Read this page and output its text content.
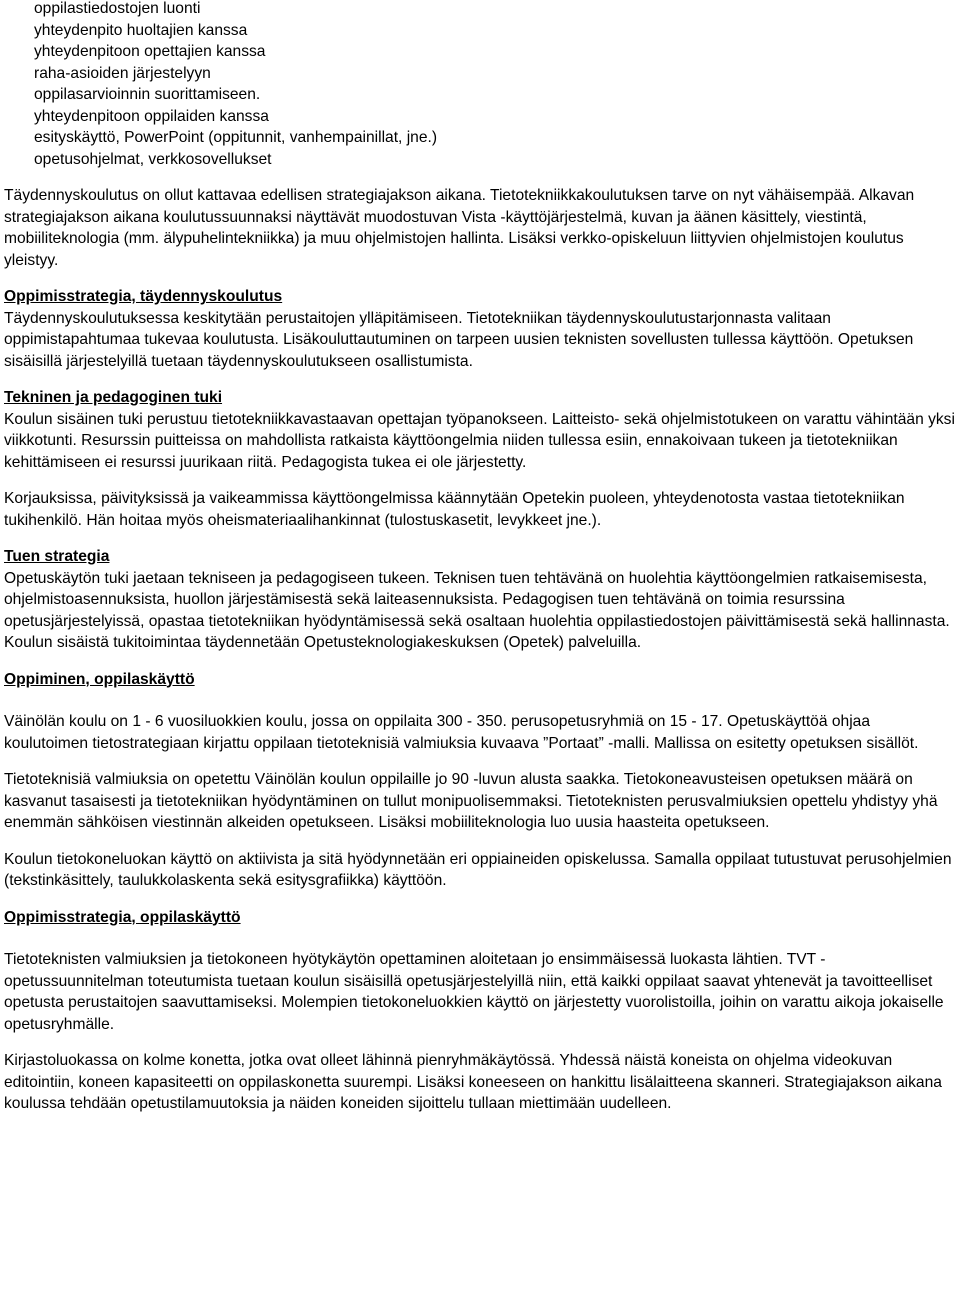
oppilastiedostojen luonti
yhteydenpito huoltajien kanssa
yhteydenpitoon opettajien kanssa
raha-asioiden järjestelyyn
oppilasarvioinnin suorittamiseen.
yhteydenpitoon oppilaiden kanssa
esityskäyttö, PowerPoint (oppitunnit, vanhempainillat, jne.)
opetusohjelmat, verkkosovellukset

Täydennyskoulutus on ollut kattavaa edellisen strategiajakson aikana. Tietotekniikkakoulutuksen tarve on nyt vähäisempää. Alkavan strategiajakson aikana koulutussuunnaksi näyttävät muodostuvan Vista -käyttöjärjestelmä, kuvan ja äänen käsittely, viestintä, mobiiliteknologia (mm. älypuhelintekniikka) ja muu ohjelmistojen hallinta. Lisäksi verkko-opiskeluun liittyvien ohjelmistojen koulutus yleistyy.

Oppimisstrategia, täydennyskoulutus

Täydennyskoulutuksessa keskitytään perustaitojen ylläpitämiseen. Tietotekniikan täydennyskoulutustarjonnasta valitaan oppimistapahtumaa tukevaa koulutusta. Lisäkouluttautuminen on tarpeen uusien teknisten sovellusten tullessa käyttöön. Opetuksen sisäisillä järjestelyillä tuetaan täydennyskoulutukseen osallistumista.

Tekninen ja pedagoginen tuki

Koulun sisäinen tuki perustuu tietotekniikkavastaavan opettajan työpanokseen. Laitteisto- sekä ohjelmistotukeen on varattu vähintään yksi viikkotunti. Resurssin puitteissa on mahdollista ratkaista käyttöongelmia niiden tullessa esiin, ennakoivaan tukeen ja tietotekniikan kehittämiseen ei resurssi juurikaan riitä. Pedagogista tukea ei ole järjestetty.

Korjauksissa, päivityksissä ja vaikeammissa käyttöongelmissa käännytään Opetekin puoleen, yhteydenotosta vastaa tietotekniikan tukihenkilö. Hän hoitaa myös oheismateriaalihankinnat (tulostuskasetit, levykkeet jne.).

Tuen strategia

Opetuskäytön tuki jaetaan tekniseen ja pedagogiseen tukeen. Teknisen tuen tehtävänä on huolehtia käyttöongelmien ratkaisemisesta, ohjelmistoasennuksista, huollon järjestämisestä sekä laiteasennuksista. Pedagogisen tuen tehtävänä on toimia resurssina opetusjärjestelyissä, opastaa tietotekniikan hyödyntämisessä sekä osaltaan huolehtia oppilastiedostojen päivittämisestä sekä hallinnasta. Koulun sisäistä tukitoimintaa täydennetään Opetusteknologiakeskuksen (Opetek) palveluilla.

Oppiminen, oppilaskäyttö

Väinölän koulu on 1 - 6 vuosiluokkien koulu, jossa on oppilaita 300 - 350. perusopetusryhmiä on 15 - 17. Opetuskäyttöä ohjaa koulutoimen tietostrategiaan kirjattu oppilaan tietoteknisiä valmiuksia kuvaava ”Portaat” -malli. Mallissa on esitetty opetuksen sisällöt.

Tietoteknisiä valmiuksia on opetettu Väinölän koulun oppilaille jo 90 -luvun alusta saakka. Tietokoneavusteisen opetuksen määrä on kasvanut tasaisesti ja tietotekniikan hyödyntäminen on tullut monipuolisemmaksi. Tietoteknisten perusvalmiuksien opettelu yhdistyy yhä enemmän sähköisen viestinnän alkeiden opetukseen. Lisäksi mobiiliteknologia luo uusia haasteita opetukseen.

Koulun tietokoneluokan käyttö on aktiivista ja sitä hyödynnetään eri oppiaineiden opiskelussa. Samalla oppilaat tutustuvat perusohjelmien (tekstinkäsittely, taulukkolaskenta sekä esitysgrafiikka) käyttöön.

Oppimisstrategia, oppilaskäyttö

Tietoteknisten valmiuksien ja tietokoneen hyötykäytön opettaminen aloitetaan jo ensimmäisessä luokasta lähtien. TVT -opetussuunnitelman toteutumista tuetaan koulun sisäisillä opetusjärjestelyillä niin, että kaikki oppilaat saavat yhtenevät ja tavoitteelliset opetusta perustaitojen saavuttamiseksi. Molempien tietokoneluokkien käyttö on järjestetty vuorolistoilla, joihin on varattu aikoja jokaiselle opetusryhmälle.

Kirjastoluokassa on kolme konetta, jotka ovat olleet lähinnä pienryhmäkäytössä. Yhdessä näistä koneista on ohjelma videokuvan editointiin, koneen kapasiteetti on oppilaskonetta suurempi. Lisäksi koneeseen on hankittu lisälaitteena skanneri. Strategiajakson aikana koulussa tehdään opetustilamuutoksia ja näiden koneiden sijoittelu tullaan miettimään uudelleen.
